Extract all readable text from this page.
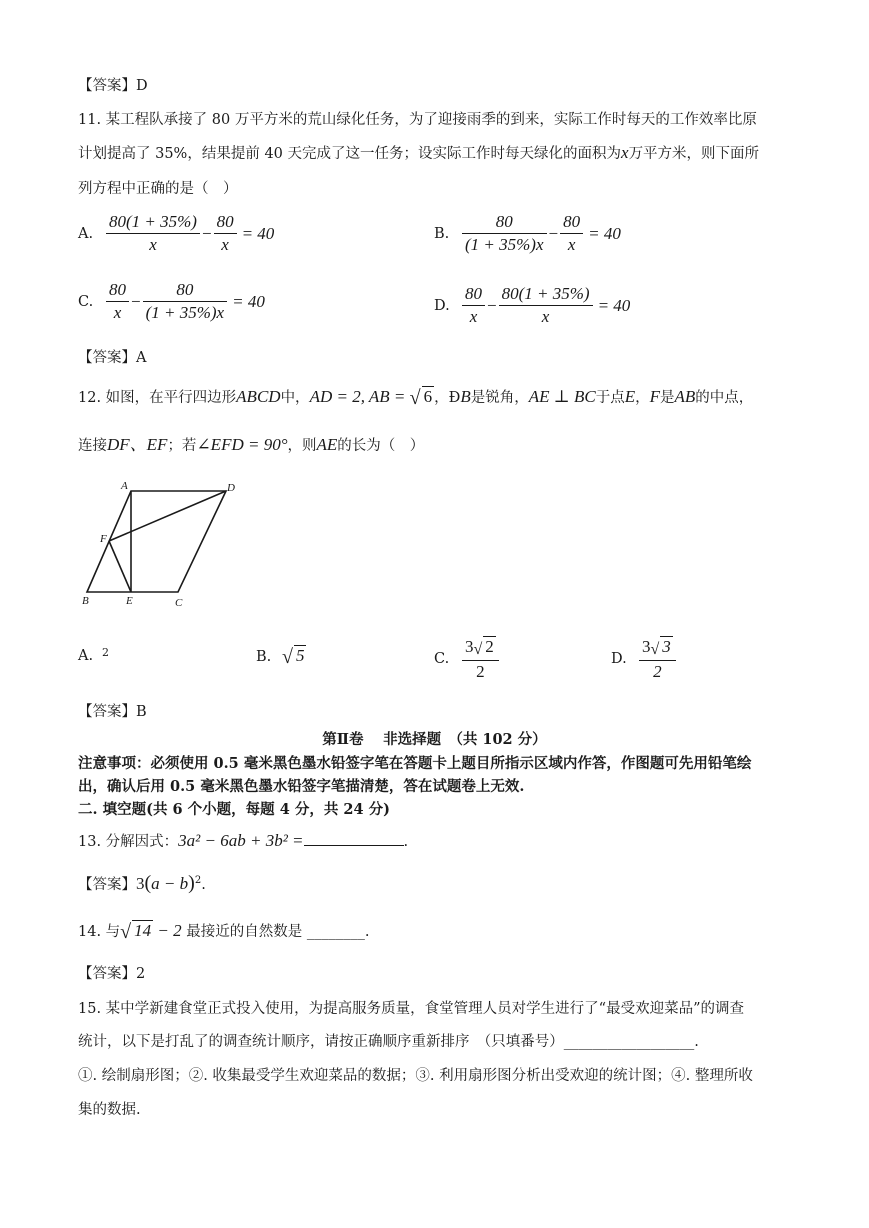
【答案】D
11. 某工程队承接了 80 万平方米的荒山绿化任务，为了迎接雨季的到来，实际工作时每天的工作效率比原
计划提高了 35%，结果提前 40 天完成了这一任务；设实际工作时每天绿化的面积为x万平方米，则下面所
列方程中正确的是（　）
A. $\frac{80(1 + 35\%)}{x} - \frac{80}{x} = 40$	B. $\frac{80}{(1 + 35\%)x} - \frac{80}{x} = 40$
C. $\frac{80}{x} - \frac{80}{(1 + 35\%)x} = 40$	D. $\frac{80}{x} - \frac{80(1 + 35\%)}{x} = 40$
【答案】A
12. 如图，在平行四边形ABCD中，AD = 2, AB = √ 6 ，ÐB是锐角，AE ⊥ BC于点E，F是AB的中点，
连接DF、EF；若∠EFD = 90°，则AE的长为（　）
A	D
F
B	E	C
A. 2	B. √ 5	C. $\frac{3√ 2}{2}$	D. $\frac{3√ 3}{2}$
【答案】B
第Ⅱ卷　 非选择题　（共 102 分）
注意事项：必须使用 0.5 毫米黑色墨水铅签字笔在答题卡上题目所指示区域内作答，作图题可先用铅笔绘
出，确认后用 0.5 毫米黑色墨水铅签字笔描清楚，答在试题卷上无效.
二. 填空题(共 6 个小题，每题 4 分，共 24 分)
13. 分解因式：3a² − 6ab + 3b² =	.
【答案】$3(a - b)^2$.
14. 与√ 14 − 2 最接近的自然数是 ________.
【答案】2
15. 某中学新建食堂正式投入使用，为提高服务质量，食堂管理人员对学生进行了“最受欢迎菜品”的调查
统计，以下是打乱了的调查统计顺序，请按正确顺序重新排序　（只填番号）__________________.
①. 绘制扇形图；②. 收集最受学生欢迎菜品的数据；③. 利用扇形图分析出受欢迎的统计图；④. 整理所收
集的数据.
